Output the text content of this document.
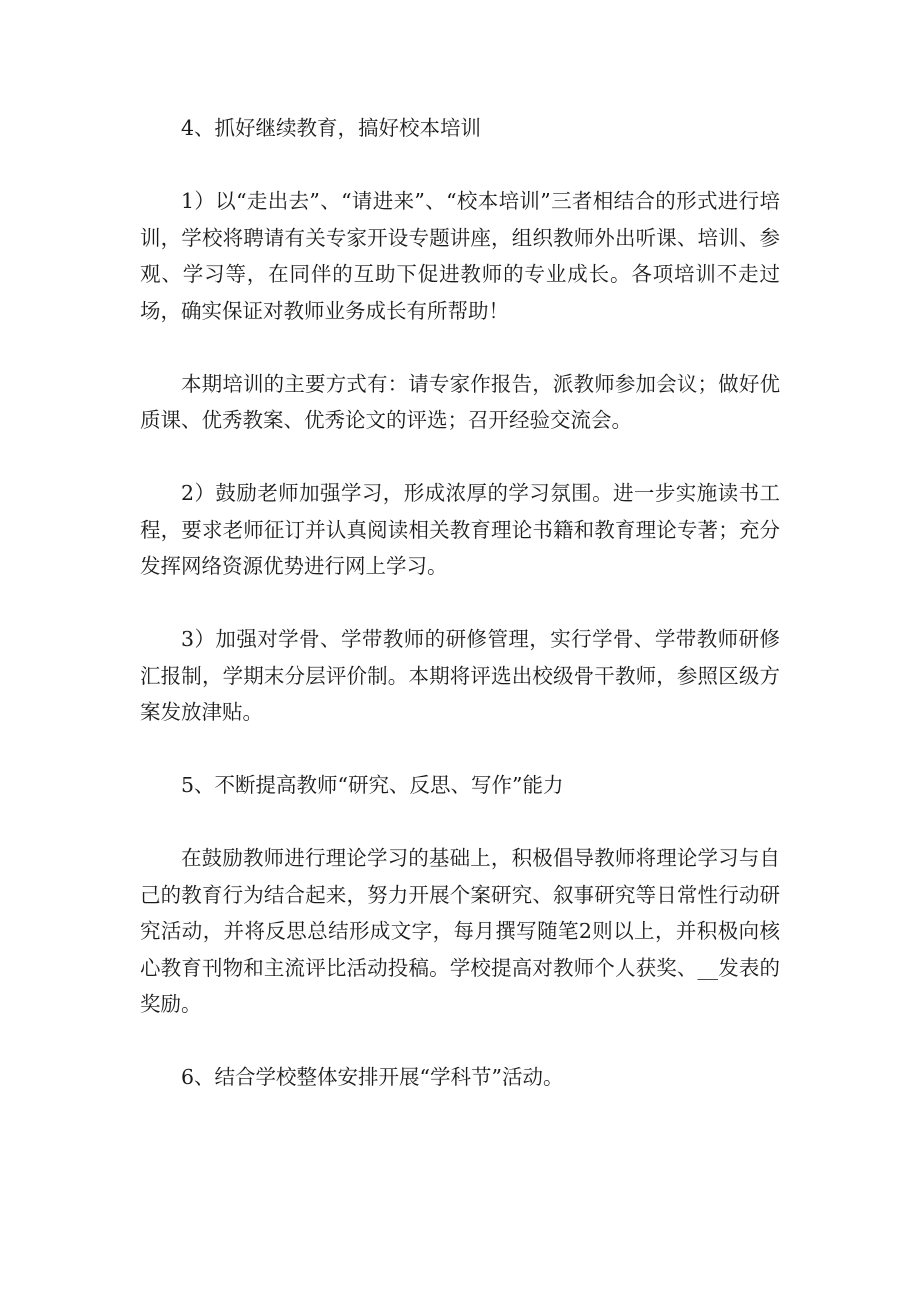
4、抓好继续教育，搞好校本培训

1）以“走出去”、“请进来”、“校本培训”三者相结合的形式进行培训，学校将聘请有关专家开设专题讲座，组织教师外出听课、培训、参观、学习等，在同伴的互助下促进教师的专业成长。各项培训不走过场，确实保证对教师业务成长有所帮助！

本期培训的主要方式有：请专家作报告，派教师参加会议；做好优质课、优秀教案、优秀论文的评选；召开经验交流会。

2）鼓励老师加强学习，形成浓厚的学习氛围。进一步实施读书工程，要求老师征订并认真阅读相关教育理论书籍和教育理论专著；充分发挥网络资源优势进行网上学习。

3）加强对学骨、学带教师的研修管理，实行学骨、学带教师研修汇报制，学期末分层评价制。本期将评选出校级骨干教师，参照区级方案发放津贴。

5、不断提高教师“研究、反思、写作”能力

在鼓励教师进行理论学习的基础上，积极倡导教师将理论学习与自己的教育行为结合起来，努力开展个案研究、叙事研究等日常性行动研究活动，并将反思总结形成文字，每月撰写随笔2则以上，并积极向核心教育刊物和主流评比活动投稿。学校提高对教师个人获奖、__发表的奖励。

6、结合学校整体安排开展“学科节”活动。
